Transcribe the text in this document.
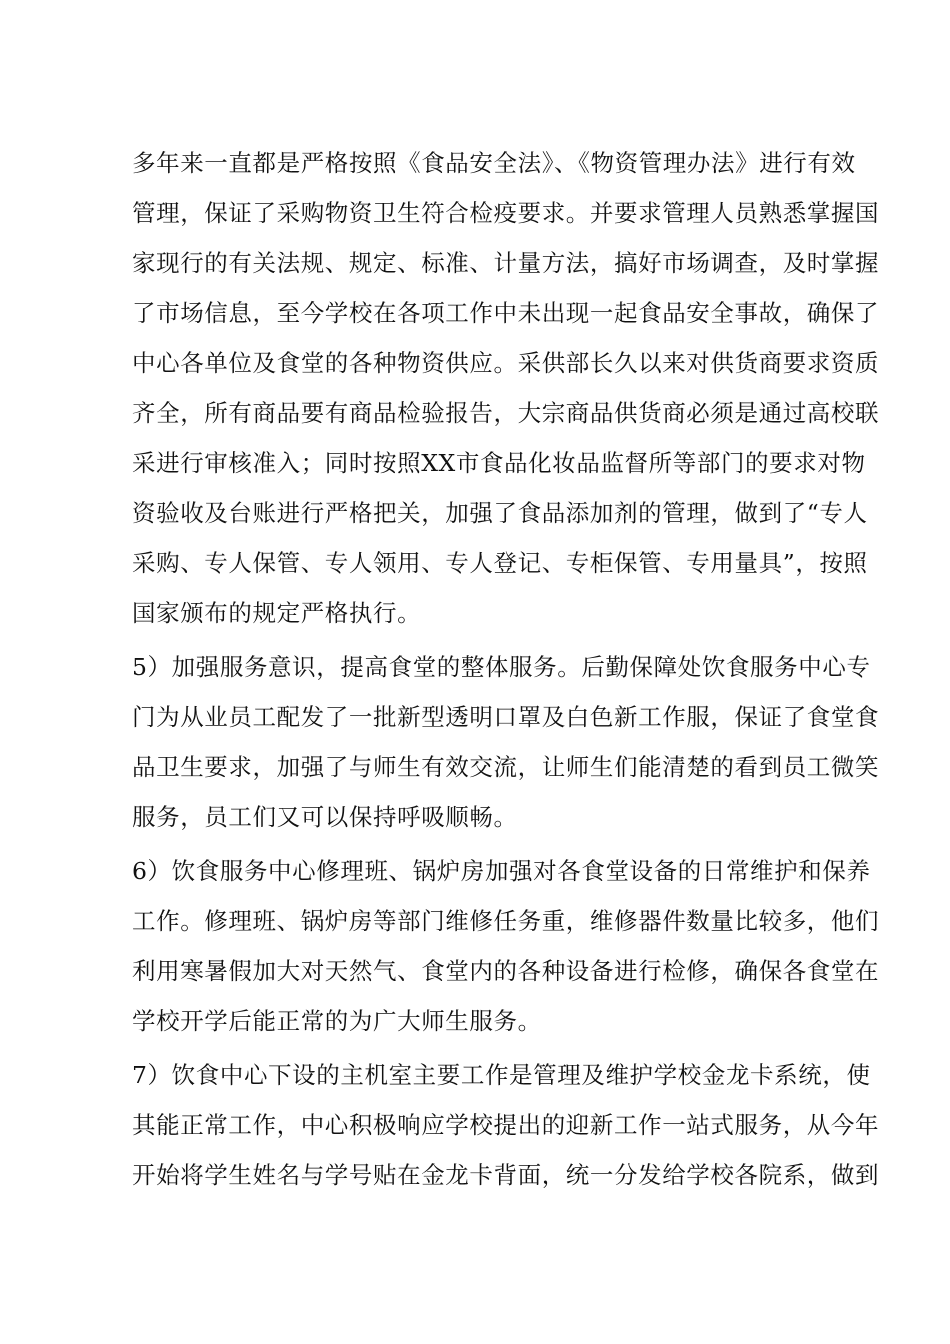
多年来一直都是严格按照《食品安全法》、《物资管理办法》进行有效
管理，保证了采购物资卫生符合检疫要求。并要求管理人员熟悉掌握国
家现行的有关法规、规定、标准、计量方法，搞好市场调查，及时掌握
了市场信息，至今学校在各项工作中未出现一起食品安全事故，确保了
中心各单位及食堂的各种物资供应。采供部长久以来对供货商要求资质
齐全，所有商品要有商品检验报告，大宗商品供货商必须是通过高校联
采进行审核准入；同时按照XX市食品化妆品监督所等部门的要求对物
资验收及台账进行严格把关，加强了食品添加剂的管理，做到了“专人
采购、专人保管、专人领用、专人登记、专柜保管、专用量具”，按照
国家颁布的规定严格执行。
5）加强服务意识，提高食堂的整体服务。后勤保障处饮食服务中心专
门为从业员工配发了一批新型透明口罩及白色新工作服，保证了食堂食
品卫生要求，加强了与师生有效交流，让师生们能清楚的看到员工微笑
服务，员工们又可以保持呼吸顺畅。
6）饮食服务中心修理班、锅炉房加强对各食堂设备的日常维护和保养
工作。修理班、锅炉房等部门维修任务重，维修器件数量比较多，他们
利用寒暑假加大对天然气、食堂内的各种设备进行检修，确保各食堂在
学校开学后能正常的为广大师生服务。
7）饮食中心下设的主机室主要工作是管理及维护学校金龙卡系统，使
其能正常工作，中心积极响应学校提出的迎新工作一站式服务，从今年
开始将学生姓名与学号贴在金龙卡背面，统一分发给学校各院系，做到
